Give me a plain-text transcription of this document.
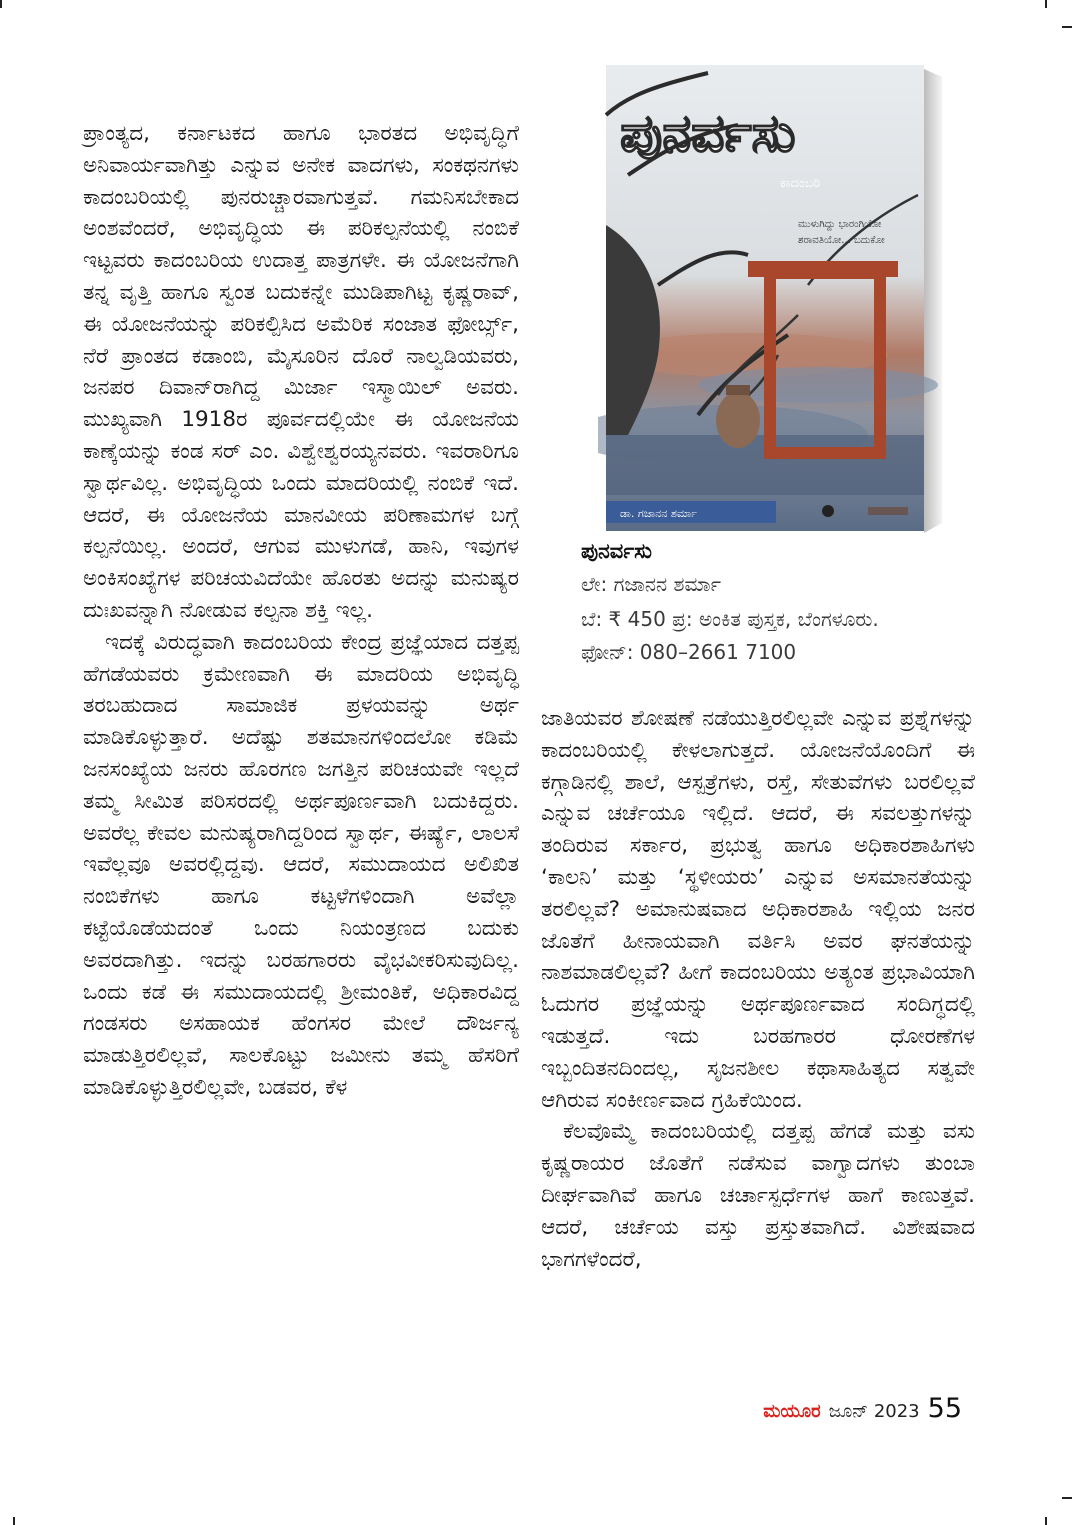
ಪ್ರಾಂತ್ಯದ, ಕರ್ನಾಟಕದ ಹಾಗೂ ಭಾರತದ ಅಭಿವೃದ್ಧಿಗೆ ಅನಿವಾರ್ಯವಾಗಿತ್ತು ಎನ್ನುವ ಅನೇಕ ವಾದಗಳು, ಸಂಕಥನಗಳು ಕಾದಂಬರಿಯಲ್ಲಿ ಪುನರುಚ್ಚಾರವಾಗುತ್ತವೆ. ಗಮನಿಸಬೇಕಾದ ಅಂಶವೆಂದರೆ, ಅಭಿವೃದ್ಧಿಯ ಈ ಪರಿಕಲ್ಪನೆಯಲ್ಲಿ ನಂಬಿಕೆ ಇಟ್ಟವರು ಕಾದಂಬರಿಯ ಉದಾತ್ತ ಪಾತ್ರಗಳೇ. ಈ ಯೋಜನೆಗಾಗಿ ತನ್ನ ವೃತ್ತಿ ಹಾಗೂ ಸ್ವಂತ ಬದುಕನ್ನೇ ಮುಡಿಪಾಗಿಟ್ಟ ಕೃಷ್ಣರಾವ್, ಈ ಯೋಜನೆಯನ್ನು ಪರಿಕಲ್ಪಿಸಿದ ಅಮೆರಿಕ ಸಂಜಾತ ಫೋರ್ಬ್ಸ್, ನೆರೆ ಪ್ರಾಂತದ ಕಡಾಂಬಿ, ಮೈಸೂರಿನ ದೊರೆ ನಾಲ್ವಡಿಯವರು, ಜನಪರ ದಿವಾನ್‌ರಾಗಿದ್ದ ಮಿರ್ಜಾ ಇಸ್ಮಾಯಿಲ್ ಅವರು. ಮುಖ್ಯವಾಗಿ 1918ರ ಪೂರ್ವದಲ್ಲಿಯೇ ಈ ಯೋಜನೆಯ ಕಾಣ್ಕೆಯನ್ನು ಕಂಡ ಸರ್ ಎಂ. ವಿಶ್ವೇಶ್ವರಯ್ಯನವರು. ಇವರಾರಿಗೂ ಸ್ವಾರ್ಥವಿಲ್ಲ. ಅಭಿವೃದ್ಧಿಯ ಒಂದು ಮಾದರಿಯಲ್ಲಿ ನಂಬಿಕೆ ಇದೆ. ಆದರೆ, ಈ ಯೋಜನೆಯ ಮಾನವೀಯ ಪರಿಣಾಮಗಳ ಬಗ್ಗೆ ಕಲ್ಪನೆಯಿಲ್ಲ. ಅಂದರೆ, ಆಗುವ ಮುಳುಗಡೆ, ಹಾನಿ, ಇವುಗಳ ಅಂಕಿಸಂಖ್ಯೆಗಳ ಪರಿಚಯವಿದೆಯೇ ಹೊರತು ಅದನ್ನು ಮನುಷ್ಯರ ದುಃಖವನ್ನಾಗಿ ನೋಡುವ ಕಲ್ಪನಾ ಶಕ್ತಿ ಇಲ್ಲ.

ಇದಕ್ಕೆ ವಿರುದ್ಧವಾಗಿ ಕಾದಂಬರಿಯ ಕೇಂದ್ರ ಪ್ರಜ್ಞೆಯಾದ ದತ್ತಪ್ಪ ಹೆಗಡೆಯವರು ಕ್ರಮೇಣವಾಗಿ ಈ ಮಾದರಿಯ ಅಭಿವೃದ್ಧಿ ತರಬಹುದಾದ ಸಾಮಾಜಿಕ ಪ್ರಳಯವನ್ನು ಅರ್ಥ ಮಾಡಿಕೊಳ್ಳುತ್ತಾರೆ. ಅದೆಷ್ಟು ಶತಮಾನಗಳಿಂದಲೋ ಕಡಿಮೆ ಜನಸಂಖ್ಯೆಯ ಜನರು ಹೊರಗಣ ಜಗತ್ತಿನ ಪರಿಚಯವೇ ಇಲ್ಲದೆ ತಮ್ಮ ಸೀಮಿತ ಪರಿಸರದಲ್ಲಿ ಅರ್ಥಪೂರ್ಣವಾಗಿ ಬದುಕಿದ್ದರು. ಅವರೆಲ್ಲ ಕೇವಲ ಮನುಷ್ಯರಾಗಿದ್ದರಿಂದ ಸ್ವಾರ್ಥ, ಈರ್ಷ್ಯೆ, ಲಾಲಸೆ ಇವೆಲ್ಲವೂ ಅವರಲ್ಲಿದ್ದವು. ಆದರೆ, ಸಮುದಾಯದ ಅಲಿಖಿತ ನಂಬಿಕೆಗಳು ಹಾಗೂ ಕಟ್ಟಳೆಗಳಿಂದಾಗಿ ಅವೆಲ್ಲಾ ಕಟ್ಟೆಯೊಡೆಯದಂತೆ ಒಂದು ನಿಯಂತ್ರಣದ ಬದುಕು ಅವರದಾಗಿತ್ತು. ಇದನ್ನು ಬರಹಗಾರರು ವೈಭವೀಕರಿಸುವುದಿಲ್ಲ. ಒಂದು ಕಡೆ ಈ ಸಮುದಾಯದಲ್ಲಿ ಶ್ರೀಮಂತಿಕೆ, ಅಧಿಕಾರವಿದ್ದ ಗಂಡಸರು ಅಸಹಾಯಕ ಹೆಂಗಸರ ಮೇಲೆ ದೌರ್ಜನ್ಯ ಮಾಡುತ್ತಿರಲಿಲ್ಲವೆ, ಸಾಲಕೊಟ್ಟು ಜಮೀನು ತಮ್ಮ ಹೆಸರಿಗೆ ಮಾಡಿಕೊಳ್ಳುತ್ತಿರಲಿಲ್ಲವೇ, ಬಡವರ, ಕೆಳ

ಪುನರ್ವಸು
ಕಾದಂಬರಿ
ಮುಳುಗಿದ್ದು ಭಾರಂಗಿಯೋ
ಶರಾವತಿಯೋ... ಬದುಕೋ
ಡಾ. ಗಜಾನನ ಶರ್ಮಾ
ಪುನರ್ವಸು
ಲೇ: ಗಜಾನನ ಶರ್ಮಾ
ಬೆ: ₹ 450 ಪ್ರ: ಅಂಕಿತ ಪುಸ್ತಕ, ಬೆಂಗಳೂರು.
ಫೋನ್: 080–2661 7100

ಜಾತಿಯವರ ಶೋಷಣೆ ನಡೆಯುತ್ತಿರಲಿಲ್ಲವೇ ಎನ್ನುವ ಪ್ರಶ್ನೆಗಳನ್ನು ಕಾದಂಬರಿಯಲ್ಲಿ ಕೇಳಲಾಗುತ್ತದೆ. ಯೋಜನೆಯೊಂದಿಗೆ ಈ ಕಗ್ಗಾಡಿನಲ್ಲಿ ಶಾಲೆ, ಆಸ್ಪತ್ರೆಗಳು, ರಸ್ತೆ, ಸೇತುವೆಗಳು ಬರಲಿಲ್ಲವೆ ಎನ್ನುವ ಚರ್ಚೆಯೂ ಇಲ್ಲಿದೆ. ಆದರೆ, ಈ ಸವಲತ್ತುಗಳನ್ನು ತಂದಿರುವ ಸರ್ಕಾರ, ಪ್ರಭುತ್ವ ಹಾಗೂ ಅಧಿಕಾರಶಾಹಿಗಳು ‘ಕಾಲನಿ’ ಮತ್ತು ‘ಸ್ಥಳೀಯರು’ ಎನ್ನುವ ಅಸಮಾನತೆಯನ್ನು ತರಲಿಲ್ಲವೆ? ಅಮಾನುಷವಾದ ಅಧಿಕಾರಶಾಹಿ ಇಲ್ಲಿಯ ಜನರ ಜೊತೆಗೆ ಹೀನಾಯವಾಗಿ ವರ್ತಿಸಿ ಅವರ ಘನತೆಯನ್ನು ನಾಶಮಾಡಲಿಲ್ಲವೆ? ಹೀಗೆ ಕಾದಂಬರಿಯು ಅತ್ಯಂತ ಪ್ರಭಾವಿಯಾಗಿ ಓದುಗರ ಪ್ರಜ್ಞೆಯನ್ನು ಅರ್ಥಪೂರ್ಣವಾದ ಸಂದಿಗ್ಧದಲ್ಲಿ ಇಡುತ್ತದೆ. ಇದು ಬರಹಗಾರರ ಧೋರಣೆಗಳ ಇಬ್ಬಂದಿತನದಿಂದಲ್ಲ, ಸೃಜನಶೀಲ ಕಥಾಸಾಹಿತ್ಯದ ಸತ್ವವೇ ಆಗಿರುವ ಸಂಕೀರ್ಣವಾದ ಗ್ರಹಿಕೆಯಿಂದ.

ಕೆಲವೊಮ್ಮೆ ಕಾದಂಬರಿಯಲ್ಲಿ ದತ್ತಪ್ಪ ಹೆಗಡೆ ಮತ್ತು ವಸು ಕೃಷ್ಣರಾಯರ ಜೊತೆಗೆ ನಡೆಸುವ ವಾಗ್ವಾದಗಳು ತುಂಬಾ ದೀರ್ಘವಾಗಿವೆ ಹಾಗೂ ಚರ್ಚಾಸ್ಪರ್ಧೆಗಳ ಹಾಗೆ ಕಾಣುತ್ತವೆ. ಆದರೆ, ಚರ್ಚೆಯ ವಸ್ತು ಪ್ರಸ್ತುತವಾಗಿದೆ. ವಿಶೇಷವಾದ ಭಾಗಗಳೆಂದರೆ,

ಮಯೂರ ಜೂನ್ 2023 55
